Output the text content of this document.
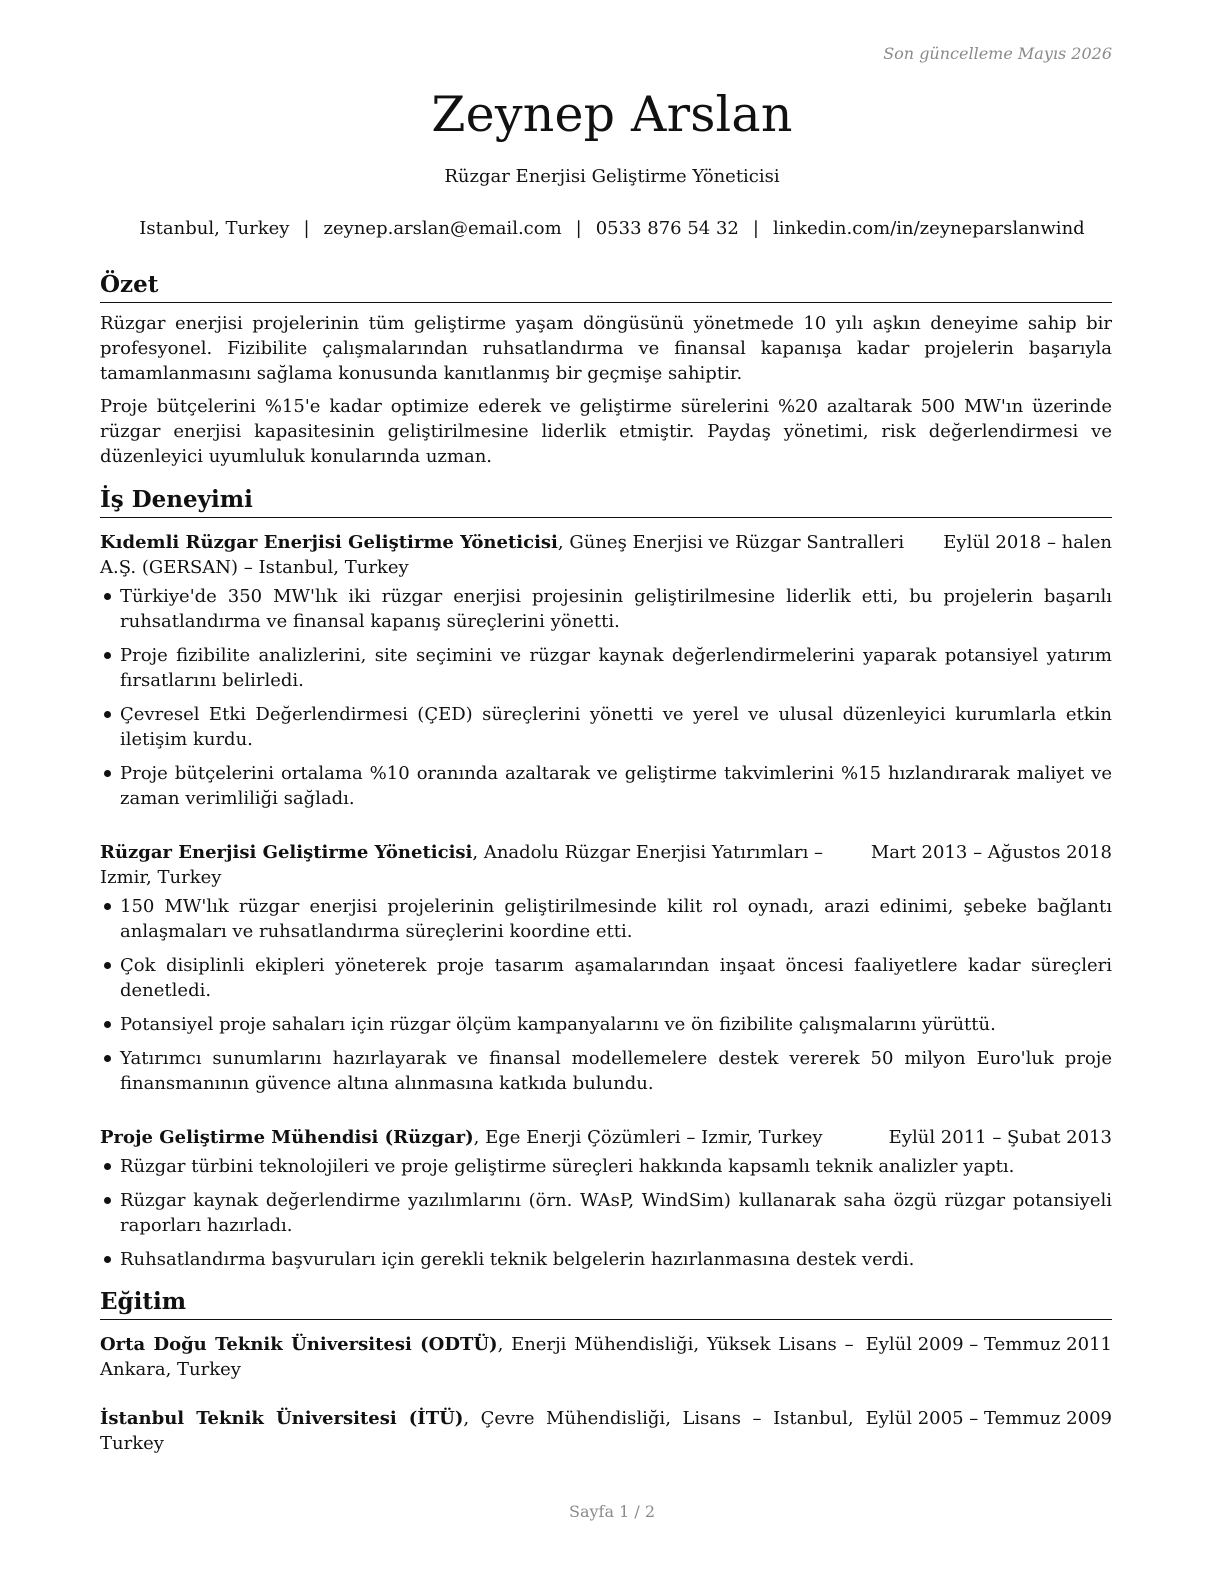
Son güncelleme Mayıs 2026
Zeynep Arslan
Rüzgar Enerjisi Geliştirme Yöneticisi
Istanbul, Turkey | zeynep.arslan@email.com | 0533 876 54 32 | linkedin.com/in/zeyneparslanwind
Özet

Rüzgar enerjisi projelerinin tüm geliştirme yaşam döngüsünü yönetmede 10 yılı aşkın deneyime sahip bir profesyonel. Fizibilite çalışmalarından ruhsatlandırma ve finansal kapanışa kadar projelerin başarıyla tamamlanmasını sağlama konusunda kanıtlanmış bir geçmişe sahiptir.

Proje bütçelerini %15'e kadar optimize ederek ve geliştirme sürelerini %20 azaltarak 500 MW'ın üzerinde rüzgar enerjisi kapasitesinin geliştirilmesine liderlik etmiştir. Paydaş yönetimi, risk değerlendirmesi ve düzenleyici uyumluluk konularında uzman.

İş Deneyimi
Eylül 2018 – halen
Kıdemli Rüzgar Enerjisi Geliştirme Yöneticisi, Güneş Enerjisi ve Rüzgar Santralleri A.Ş. (GERSAN) – Istanbul, Turkey
Türkiye'de 350 MW'lık iki rüzgar enerjisi projesinin geliştirilmesine liderlik etti, bu projelerin başarılı ruhsatlandırma ve finansal kapanış süreçlerini yönetti.
Proje fizibilite analizlerini, site seçimini ve rüzgar kaynak değerlendirmelerini yaparak potansiyel yatırım fırsatlarını belirledi.
Çevresel Etki Değerlendirmesi (ÇED) süreçlerini yönetti ve yerel ve ulusal düzenleyici kurumlarla etkin iletişim kurdu.
Proje bütçelerini ortalama %10 oranında azaltarak ve geliştirme takvimlerini %15 hızlandırarak maliyet ve zaman verimliliği sağladı.
Mart 2013 – Ağustos 2018
Rüzgar Enerjisi Geliştirme Yöneticisi, Anadolu Rüzgar Enerjisi Yatırımları – Izmir, Turkey
150 MW'lık rüzgar enerjisi projelerinin geliştirilmesinde kilit rol oynadı, arazi edinimi, şebeke bağlantı anlaşmaları ve ruhsatlandırma süreçlerini koordine etti.
Çok disiplinli ekipleri yöneterek proje tasarım aşamalarından inşaat öncesi faaliyetlere kadar süreçleri denetledi.
Potansiyel proje sahaları için rüzgar ölçüm kampanyalarını ve ön fizibilite çalışmalarını yürüttü.
Yatırımcı sunumlarını hazırlayarak ve finansal modellemelere destek vererek 50 milyon Euro'luk proje finansmanının güvence altına alınmasına katkıda bulundu.
Eylül 2011 – Şubat 2013
Proje Geliştirme Mühendisi (Rüzgar), Ege Enerji Çözümleri – Izmir, Turkey
Rüzgar türbini teknolojileri ve proje geliştirme süreçleri hakkında kapsamlı teknik analizler yaptı.
Rüzgar kaynak değerlendirme yazılımlarını (örn. WAsP, WindSim) kullanarak saha özgü rüzgar potansiyeli raporları hazırladı.
Ruhsatlandırma başvuruları için gerekli teknik belgelerin hazırlanmasına destek verdi.
Eğitim
Eylül 2009 – Temmuz 2011
Orta Doğu Teknik Üniversitesi (ODTÜ), Enerji Mühendisliği, Yüksek Lisans – Ankara, Turkey
Eylül 2005 – Temmuz 2009
İstanbul Teknik Üniversitesi (İTÜ), Çevre Mühendisliği, Lisans – Istanbul, Turkey
Sayfa 1 / 2
